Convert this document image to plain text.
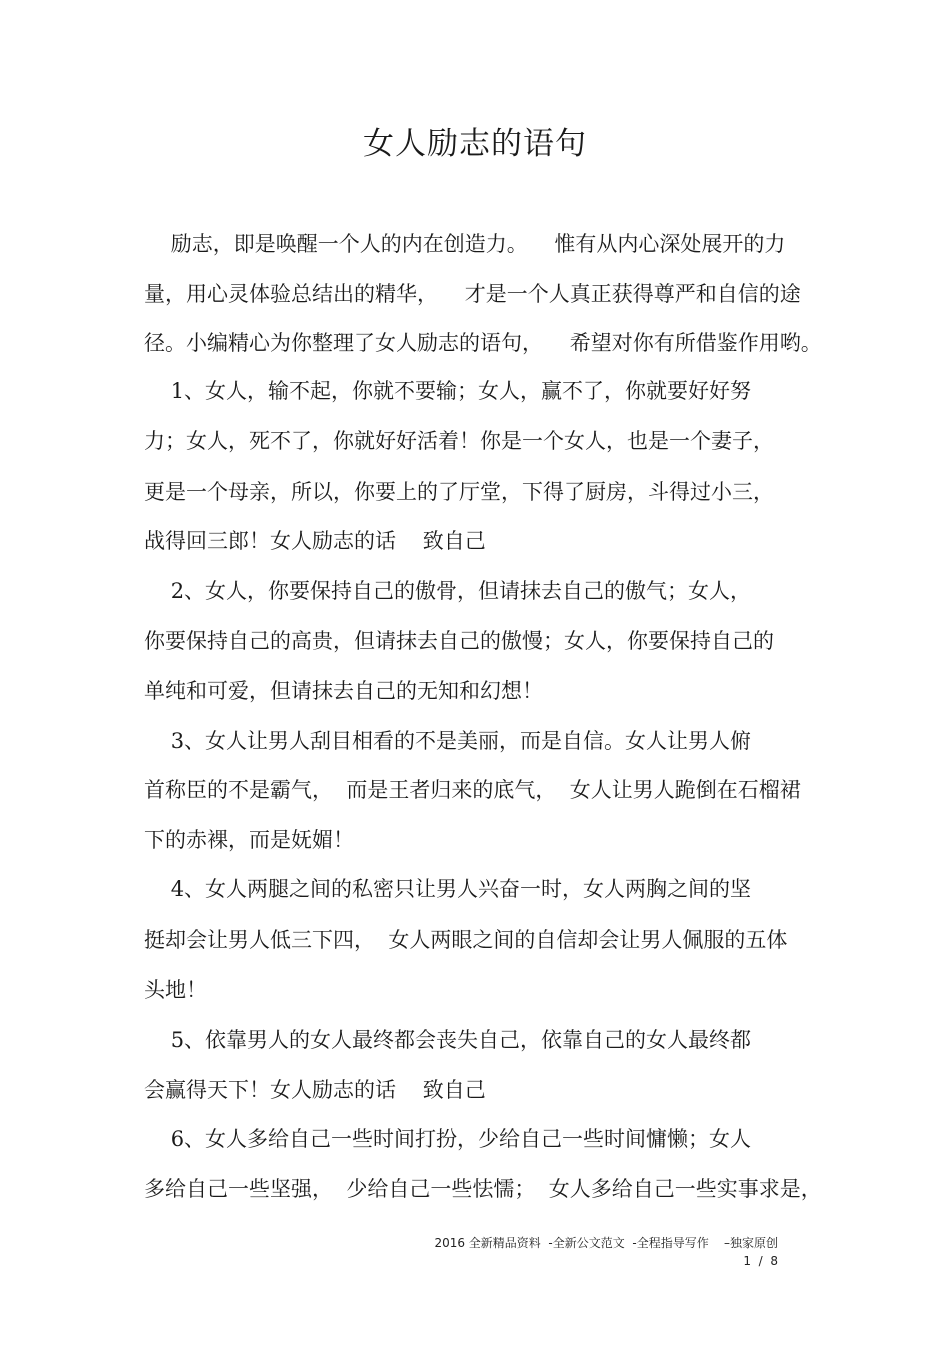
女人励志的语句
励志，即是唤醒一个人的内在创造力。    惟有从内心深处展开的力
量，用心灵体验总结出的精华，    才是一个人真正获得尊严和自信的途
径。小编精心为你整理了女人励志的语句，    希望对你有所借鉴作用哟。
1、女人，输不起，你就不要输；女人，赢不了，你就要好好努
力；女人，死不了，你就好好活着！你是一个女人，也是一个妻子，
更是一个母亲，所以，你要上的了厅堂，下得了厨房，斗得过小三，
战得回三郎！女人励志的话    致自己
2、女人，你要保持自己的傲骨，但请抹去自己的傲气；女人，
你要保持自己的高贵，但请抹去自己的傲慢；女人，你要保持自己的
单纯和可爱，但请抹去自己的无知和幻想！
3、女人让男人刮目相看的不是美丽，而是自信。女人让男人俯
首称臣的不是霸气，  而是王者归来的底气，  女人让男人跪倒在石榴裙
下的赤裸，而是妩媚！
4、女人两腿之间的私密只让男人兴奋一时，女人两胸之间的坚
挺却会让男人低三下四，  女人两眼之间的自信却会让男人佩服的五体
头地！
5、依靠男人的女人最终都会丧失自己，依靠自己的女人最终都
会赢得天下！女人励志的话    致自己
6、女人多给自己一些时间打扮，少给自己一些时间慵懒；女人
多给自己一些坚强，  少给自己一些怯懦；  女人多给自己一些实事求是，
2016 全新精品资料  -全新公文范文  -全程指导写作    –独家原创
1  /  8
